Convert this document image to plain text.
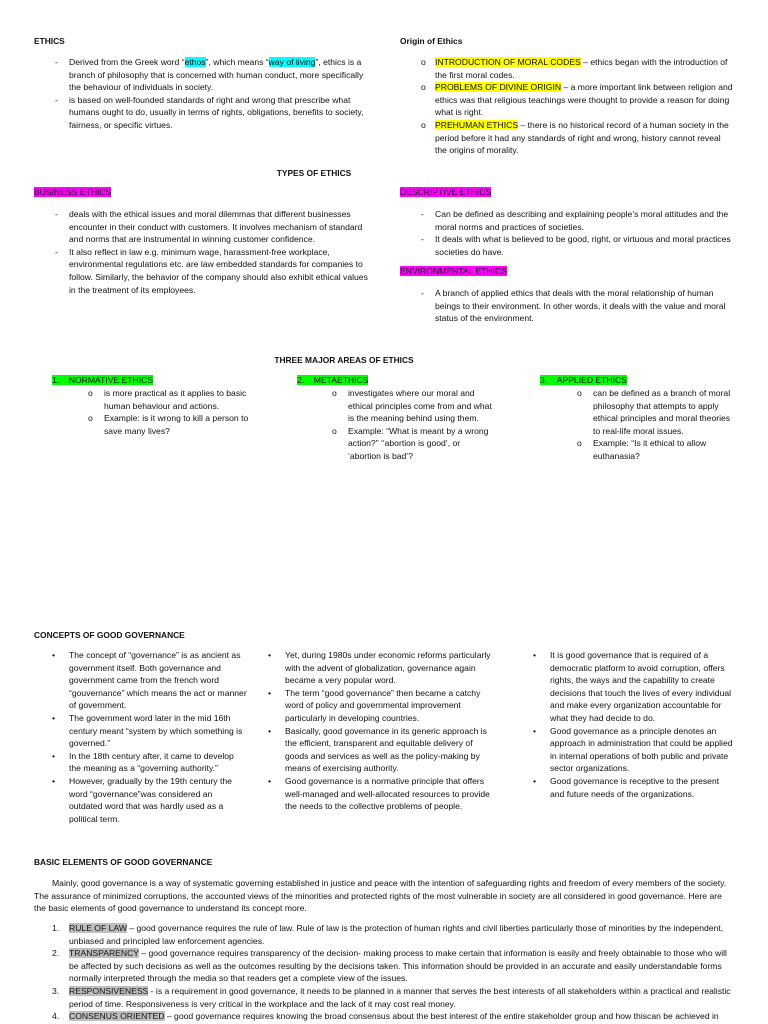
ETHICS
- Derived from the Greek word “ethos”, which means “way of living”, ethics is a branch of philosophy that is concerned with human conduct, more specifically the behaviour of individuals in society.
- is based on well-founded standards of right and wrong that prescribe what humans ought to do, usually in terms of rights, obligations, benefits to society, fairness, or specific virtues.
Origin of Ethics
o INTRODUCTION OF MORAL CODES – ethics began with the introduction of the first moral codes.
o PROBLEMS OF DIVINE ORIGIN – a more important link between religion and ethics was that religious teachings were thought to provide a reason for doing what is right.
o PREHUMAN ETHICS – there is no historical record of a human society in the period before it had any standards of right and wrong, history cannot reveal the origins of morality.
TYPES OF ETHICS
BUSINESS ETHICS
- deals with the ethical issues and moral dilemmas that different businesses encounter in their conduct with customers. It involves mechanism of standard and norms that are instrumental in winning customer confidence.
- It also reflect in law e.g. minimum wage, harassment-free workplace, environmental regulations etc. are law embedded standards for companies to follow. Similarly, the behavior of the company should also exhibit ethical values in the treatment of its employees.
DESCRIPTIVE ETHICS
- Can be defined as describing and explaining people’s moral attitudes and the moral norms and practices of societies.
- It deals with what is believed to be good, right, or virtuous and moral practices societies do have.
ENVIRONMENTAL ETHICS
- A branch of applied ethics that deals with the moral relationship of human beings to their environment. In other words, it deals with the value and moral status of the environment.
THREE MAJOR AREAS OF ETHICS
1. NORMATIVE ETHICS
o is more practical as it applies to basic human behaviour and actions.
o Example: is it wrong to kill a person to save many lives?
2. METAETHICS
o investigates where our moral and ethical principles come from and what is the meaning behind using them.
o Example: “What is meant by a wrong action?” ‘‘abortion is good’, or ‘abortion is bad’?
3. APPLIED ETHICS
o can be defined as a branch of moral philosophy that attempts to apply ethical principles and moral theories to real-life moral issues.
o Example: “Is it ethical to allow euthanasia?
CONCEPTS OF GOOD GOVERNANCE
• The concept of “governance” is as ancient as government itself. Both governance and government came from the french word “gouvernance” which means the act or manner of government.
• The government word later in the mid 16th century meant “system by which something is governed.”
• In the 18th century after, it came to develop the meaning as a “governing authority.”
• However, gradually by the 19th century the word “governance”was considered an outdated word that was hardly used as a political term.
• Yet, during 1980s under economic reforms particularly with the advent of globalization, governance again became a very popular word.
• The term “good governance” then became a catchy word of policy and governmental improvement particularly in developing countries.
• Basically, good governance in its generic approach is the efficient, transparent and equitable delivery of goods and services as well as the policy-making by means of exercising authority.
• Good governance is a normative principle that offers well-managed and well-allocated resources to provide the needs to the collective problems of people.
• It is good governance that is required of a democratic platform to avoid corruption, offers rights, the ways and the capability to create decisions that touch the lives of every individual and make every organization accountable for what they had decide to do.
• Good governance as a principle denotes an approach in administration that could be applied in internal operations of both public and private sector organizations.
• Good governance is receptive to the present and future needs of the organizations.
BASIC ELEMENTS OF GOOD GOVERNANCE

Mainly, good governance is a way of systematic governing established in justice and peace with the intention of safeguarding rights and freedom of every members of the society. The assurance of minimized corruptions, the accounted views of the minorities and protected rights of the most vulnerable in society are all considered in good governance. Here are the basic elements of good governance to understand its concept more.

1. RULE OF LAW – good governance requires the rule of law. Rule of law is the protection of human rights and civil liberties particularly those of minorities by the independent, unbiased and principled law enforcement agencies.
2. TRANSPARENCY – good governance requires transparency of the decision- making process to make certain that information is easily and freely obtainable to those who will be affected by such decisions as well as the outcomes resulting by the decisions taken. This information should be provided in an accurate and easily understandable forms normally interpreted through the media so that readers get a complete view of the issues.
3. RESPONSIVENESS - is a requirement in good governance, it needs to be planned in a manner that serves the best interests of all stakeholders within a practical and realistic period of time. Responsiveness is very critical in the workplace and the lack of it may cost real money.
4. CONSENUS ORIENTED – good governance requires knowing the broad consensus about the best interest of the entire stakeholder group and how thiscan be achieved in
